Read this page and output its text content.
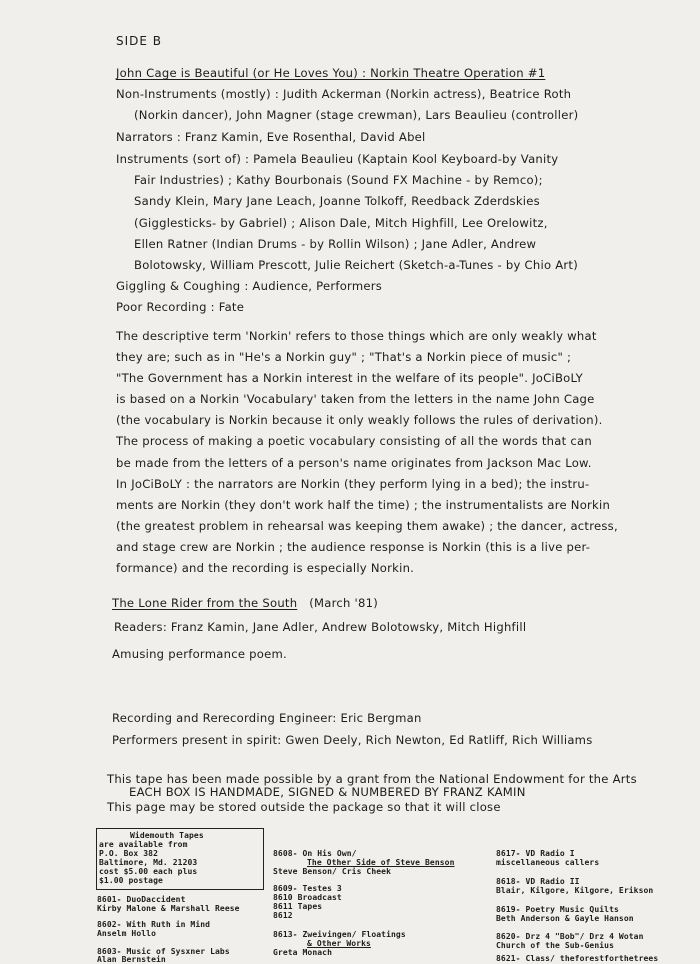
SIDE B
John Cage is Beautiful (or He Loves You) : Norkin Theatre Operation #1
Non-Instruments (mostly) : Judith Ackerman (Norkin actress), Beatrice Roth
(Norkin dancer), John Magner (stage crewman), Lars Beaulieu (controller)
Narrators : Franz Kamin, Eve Rosenthal, David Abel
Instruments (sort of) : Pamela Beaulieu (Kaptain Kool Keyboard-by Vanity
Fair Industries) ; Kathy Bourbonais (Sound FX Machine - by Remco);
Sandy Klein, Mary Jane Leach, Joanne Tolkoff, Reedback Zderdskies
(Gigglesticks- by Gabriel) ; Alison Dale, Mitch Highfill, Lee Orelowitz,
Ellen Ratner (Indian Drums - by Rollin Wilson) ; Jane Adler, Andrew
Bolotowsky, William Prescott, Julie Reichert (Sketch-a-Tunes - by Chio Art)
Giggling & Coughing : Audience, Performers
Poor Recording : Fate
The descriptive term 'Norkin' refers to those things which are only weakly what
they are; such as in "He's a Norkin guy" ; "That's a Norkin piece of music" ;
"The Government has a Norkin interest in the welfare of its people". JoCiBoLY
is based on a Norkin 'Vocabulary' taken from the letters in the name John Cage
(the vocabulary is Norkin because it only weakly follows the rules of derivation).
The process of making a poetic vocabulary consisting of all the words that can
be made from the letters of a person's name originates from Jackson Mac Low.
In JoCiBoLY : the narrators are Norkin (they perform lying in a bed); the instru-
ments are Norkin (they don't work half the time) ; the instrumentalists are Norkin
(the greatest problem in rehearsal was keeping them awake) ; the dancer, actress,
and stage crew are Norkin ; the audience response is Norkin (this is a live per-
formance) and the recording is especially Norkin.
The Lone Rider from the South (March '81)
Readers: Franz Kamin, Jane Adler, Andrew Bolotowsky, Mitch Highfill
Amusing performance poem.
Recording and Rerecording Engineer: Eric Bergman
Performers present in spirit: Gwen Deely, Rich Newton, Ed Ratliff, Rich Williams
This tape has been made possible by a grant from the National Endowment for the Arts
EACH BOX IS HANDMADE, SIGNED & NUMBERED BY FRANZ KAMIN
This page may be stored outside the package so that it will close
Widemouth Tapes
are available from
P.O. Box 382
Baltimore, Md. 21203
cost $5.00 each plus
$1.00 postage
8601- DuoDaccident
Kirby Malone & Marshall Reese
8602- With Ruth in Mind
Anselm Hollo
8603- Music of Sysxner Labs
Alan Bernstein
8608- On His Own/
The Other Side of Steve Benson
Steve Benson/ Cris Cheek
8609- Testes 3
8610 Broadcast
8611 Tapes
8612
8613- Zweivingen/ Floatings
& Other Works
Greta Monach
8617- VD Radio I
miscellaneous callers
8618- VD Radio II
Blair, Kilgore, Kilgore, Erikson
8619- Poetry Music Quilts
Beth Anderson & Gayle Hanson
8620- Drz 4 "Bob"/ Drz 4 Wotan
Church of the Sub-Genius
8621- Class/ theforestforthetrees
